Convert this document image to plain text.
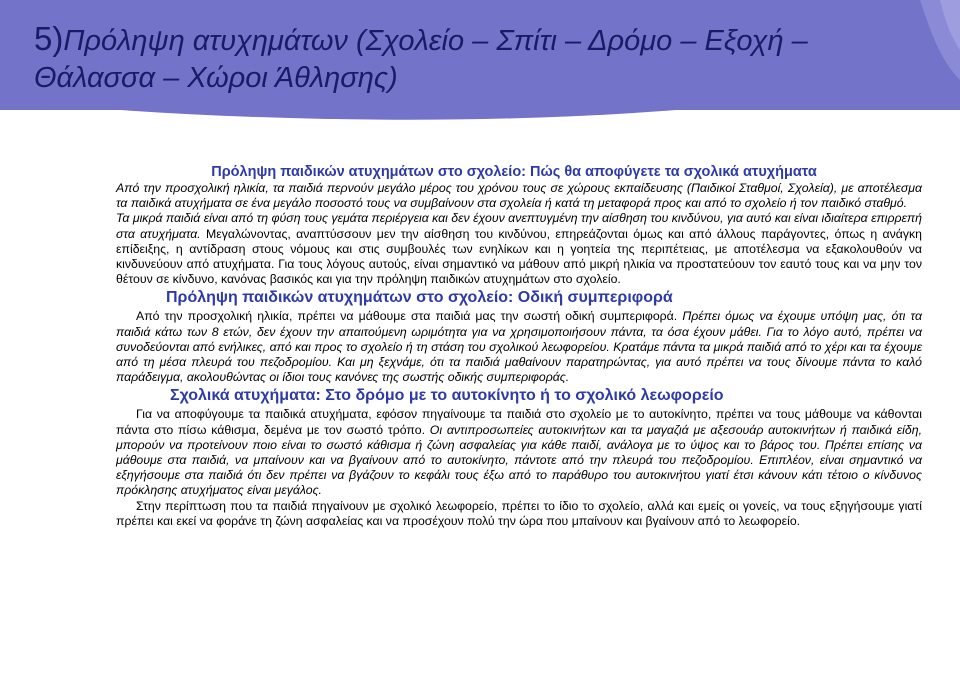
5)Πρόληψη ατυχημάτων (Σχολείο – Σπίτι – Δρόμο – Εξοχή – Θάλασσα – Χώροι Άθλησης)
Πρόληψη παιδικών ατυχημάτων στο σχολείο: Πώς θα αποφύγετε τα σχολικά ατυχήματα

Από την προσχολική ηλικία, τα παιδιά περνούν μεγάλο μέρος του χρόνου τους σε χώρους εκπαίδευσης (Παιδικοί Σταθμοί, Σχολεία), με αποτέλεσμα τα παιδικά ατυχήματα σε ένα μεγάλο ποσοστό τους να συμβαίνουν στα σχολεία ή κατά τη μεταφορά προς και από το σχολείο ή τον παιδικό σταθμό.

Τα μικρά παιδιά είναι από τη φύση τους γεμάτα περιέργεια και δεν έχουν ανεπτυγμένη την αίσθηση του κινδύνου, για αυτό και είναι ιδιαίτερα επιρρεπή στα ατυχήματα. Μεγαλώνοντας, αναπτύσσουν μεν την αίσθηση του κινδύνου, επηρεάζονται όμως και από άλλους παράγοντες, όπως η ανάγκη επίδειξης, η αντίδραση στους νόμους και στις συμβουλές των ενηλίκων και η γοητεία της περιπέτειας, με αποτέλεσμα να εξακολουθούν να κινδυνεύουν από ατυχήματα. Για τους λόγους αυτούς, είναι σημαντικό να μάθουν από μικρή ηλικία να προστατεύουν τον εαυτό τους και να μην τον θέτουν σε κίνδυνο, κανόνας βασικός και για την πρόληψη παιδικών ατυχημάτων στο σχολείο.

Πρόληψη παιδικών ατυχημάτων στο σχολείο: Οδική συμπεριφορά

Από την προσχολική ηλικία, πρέπει να μάθουμε στα παιδιά μας την σωστή οδική συμπεριφορά. Πρέπει όμως να έχουμε υπόψη μας, ότι τα παιδιά κάτω των 8 ετών, δεν έχουν την απαιτούμενη ωριμότητα για να χρησιμοποιήσουν πάντα, τα όσα έχουν μάθει. Για το λόγο αυτό, πρέπει να συνοδεύονται από ενήλικες, από και προς το σχολείο ή τη στάση του σχολικού λεωφορείου. Κρατάμε πάντα τα μικρά παιδιά από το χέρι και τα έχουμε από τη μέσα πλευρά του πεζοδρομίου. Και μη ξεχνάμε, ότι τα παιδιά μαθαίνουν παρατηρώντας, για αυτό πρέπει να τους δίνουμε πάντα το καλό παράδειγμα, ακολουθώντας οι ίδιοι τους κανόνες της σωστής οδικής συμπεριφοράς.

Σχολικά ατυχήματα: Στο δρόμο με το αυτοκίνητο ή το σχολικό λεωφορείο

Για να αποφύγουμε τα παιδικά ατυχήματα, εφόσον πηγαίνουμε τα παιδιά στο σχολείο με το αυτοκίνητο, πρέπει να τους μάθουμε να κάθονται πάντα στο πίσω κάθισμα, δεμένα με τον σωστό τρόπο. Οι αντιπροσωπείες αυτοκινήτων και τα μαγαζιά με αξεσουάρ αυτοκινήτων ή παιδικά είδη, μπορούν να προτείνουν ποιο είναι το σωστό κάθισμα ή ζώνη ασφαλείας για κάθε παιδί, ανάλογα με το ύψος και το βάρος του. Πρέπει επίσης να μάθουμε στα παιδιά, να μπαίνουν και να βγαίνουν από το αυτοκίνητο, πάντοτε από την πλευρά του πεζοδρομίου. Επιπλέον, είναι σημαντικό να εξηγήσουμε στα παιδιά ότι δεν πρέπει να βγάζουν το κεφάλι τους έξω από το παράθυρο του αυτοκινήτου γιατί έτσι κάνουν κάτι τέτοιο ο κίνδυνος πρόκλησης ατυχήματος είναι μεγάλος.

Στην περίπτωση που τα παιδιά πηγαίνουν με σχολικό λεωφορείο, πρέπει το ίδιο το σχολείο, αλλά και εμείς οι γονείς, να τους εξηγήσουμε γιατί πρέπει και εκεί να φοράνε τη ζώνη ασφαλείας και να προσέχουν πολύ την ώρα που μπαίνουν και βγαίνουν από το λεωφορείο.
